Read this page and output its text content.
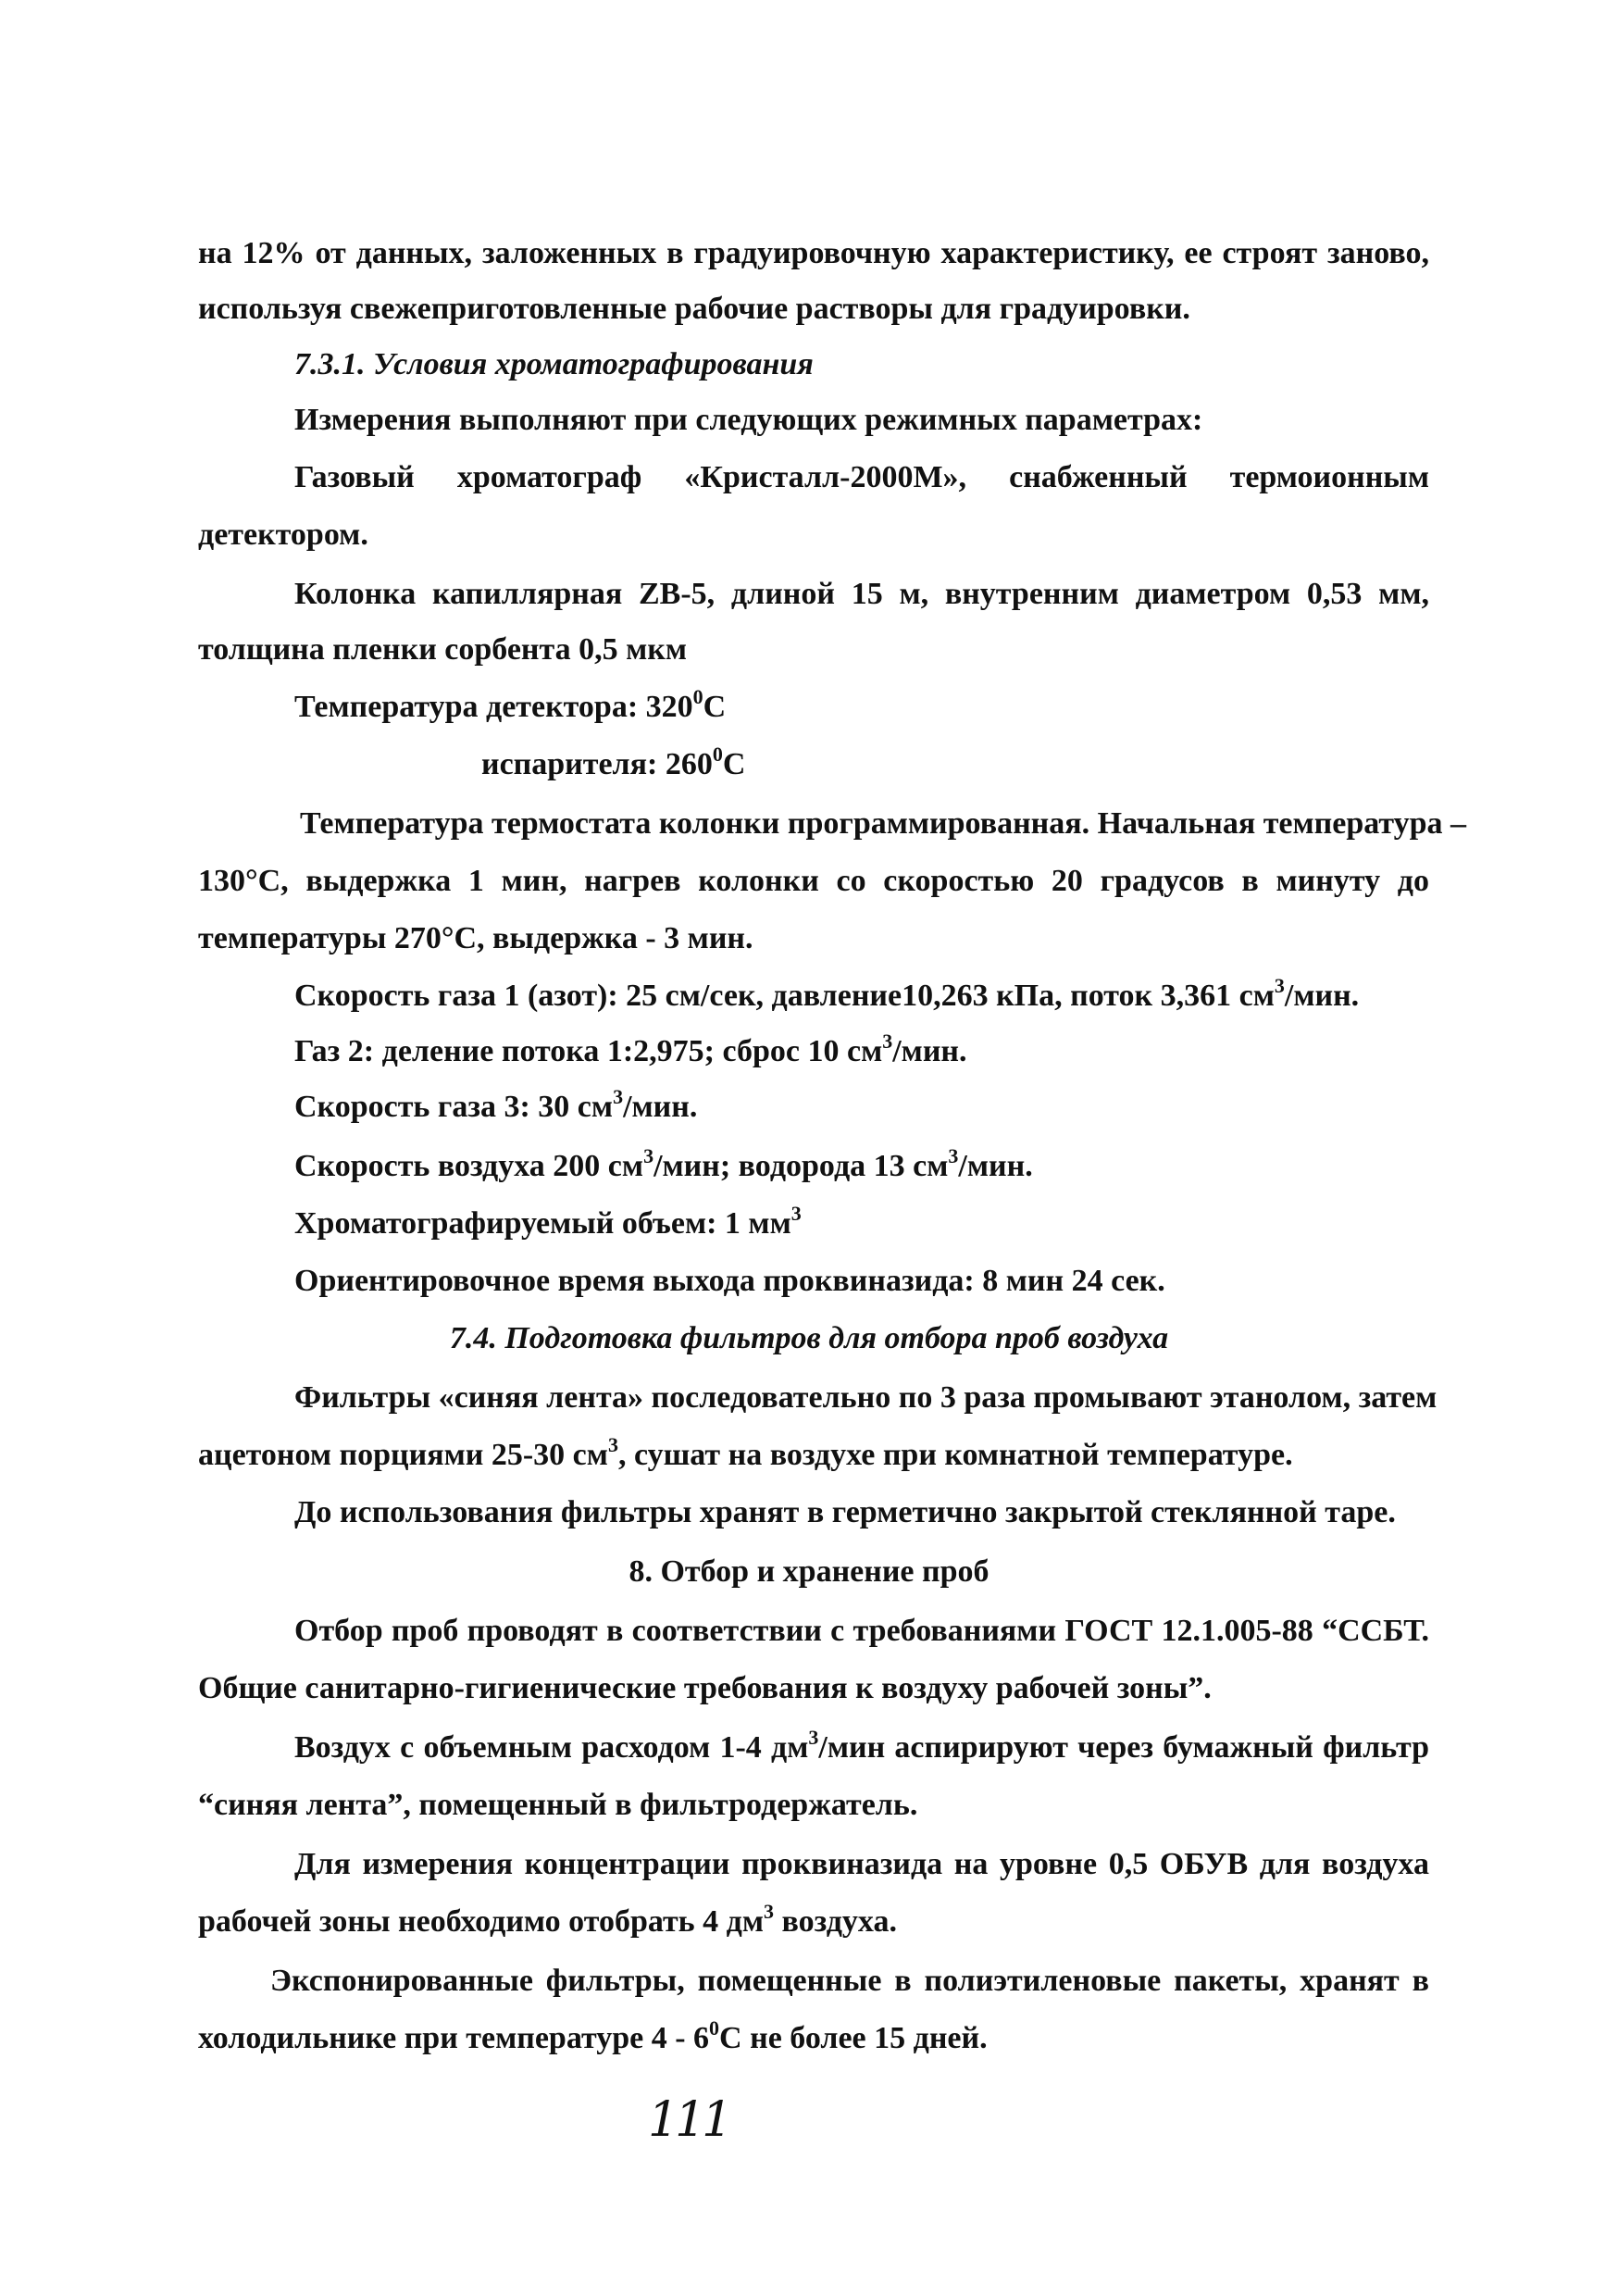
на 12% от данных, заложенных в градуировочную характеристику, ее строят заново,
используя свежеприготовленные рабочие растворы для градуировки.
7.3.1. Условия хроматографирования
Измерения выполняют при следующих режимных параметрах:
Газовый хроматограф «Кристалл-2000М», снабженный термоионным
детектором.
Колонка капиллярная ZB-5, длиной 15 м, внутренним диаметром 0,53 мм,
толщина пленки сорбента 0,5 мкм
Температура детектора: $320^0C$
испарителя: $260^0C$
Температура термостата колонки программированная. Начальная температура –
130°C, выдержка 1 мин, нагрев колонки со скоростью 20 градусов в минуту до
температуры 270°C, выдержка - 3 мин.
Скорость газа 1 (азот): 25 см/сек, давление10,263 кПа, поток 3,361 $см^3$/мин.
Газ 2: деление потока 1:2,975; сброс 10 $см^3$/мин.
Скорость газа 3: 30 $см^3$/мин.
Скорость воздуха 200 $см^3$/мин; водорода 13 $см^3$/мин.
Хроматографируемый объем: 1 $мм^3$
Ориентировочное время выхода проквиназида: 8 мин 24 сек.
7.4. Подготовка фильтров для отбора проб воздуха
Фильтры «синяя лента» последовательно по 3 раза промывают этанолом, затем
ацетоном порциями 25-30 $см^3$, сушат на воздухе при комнатной температуре.
До использования фильтры хранят в герметично закрытой стеклянной таре.
8. Отбор и хранение проб
Отбор проб проводят в соответствии с требованиями ГОСТ 12.1.005-88 “ССБТ.
Общие санитарно-гигиенические требования к воздуху рабочей зоны”.
Воздух с объемным расходом 1-4 $дм^3$/мин аспирируют через бумажный фильтр
“синяя лента”, помещенный в фильтродержатель.
Для измерения концентрации проквиназида на уровне 0,5 ОБУВ для воздуха
рабочей зоны необходимо отобрать 4 $дм^3$ воздуха.
Экспонированные фильтры, помещенные в полиэтиленовые пакеты, хранят в
холодильнике при температуре $4 - 6^0C$ не более 15 дней.
111
